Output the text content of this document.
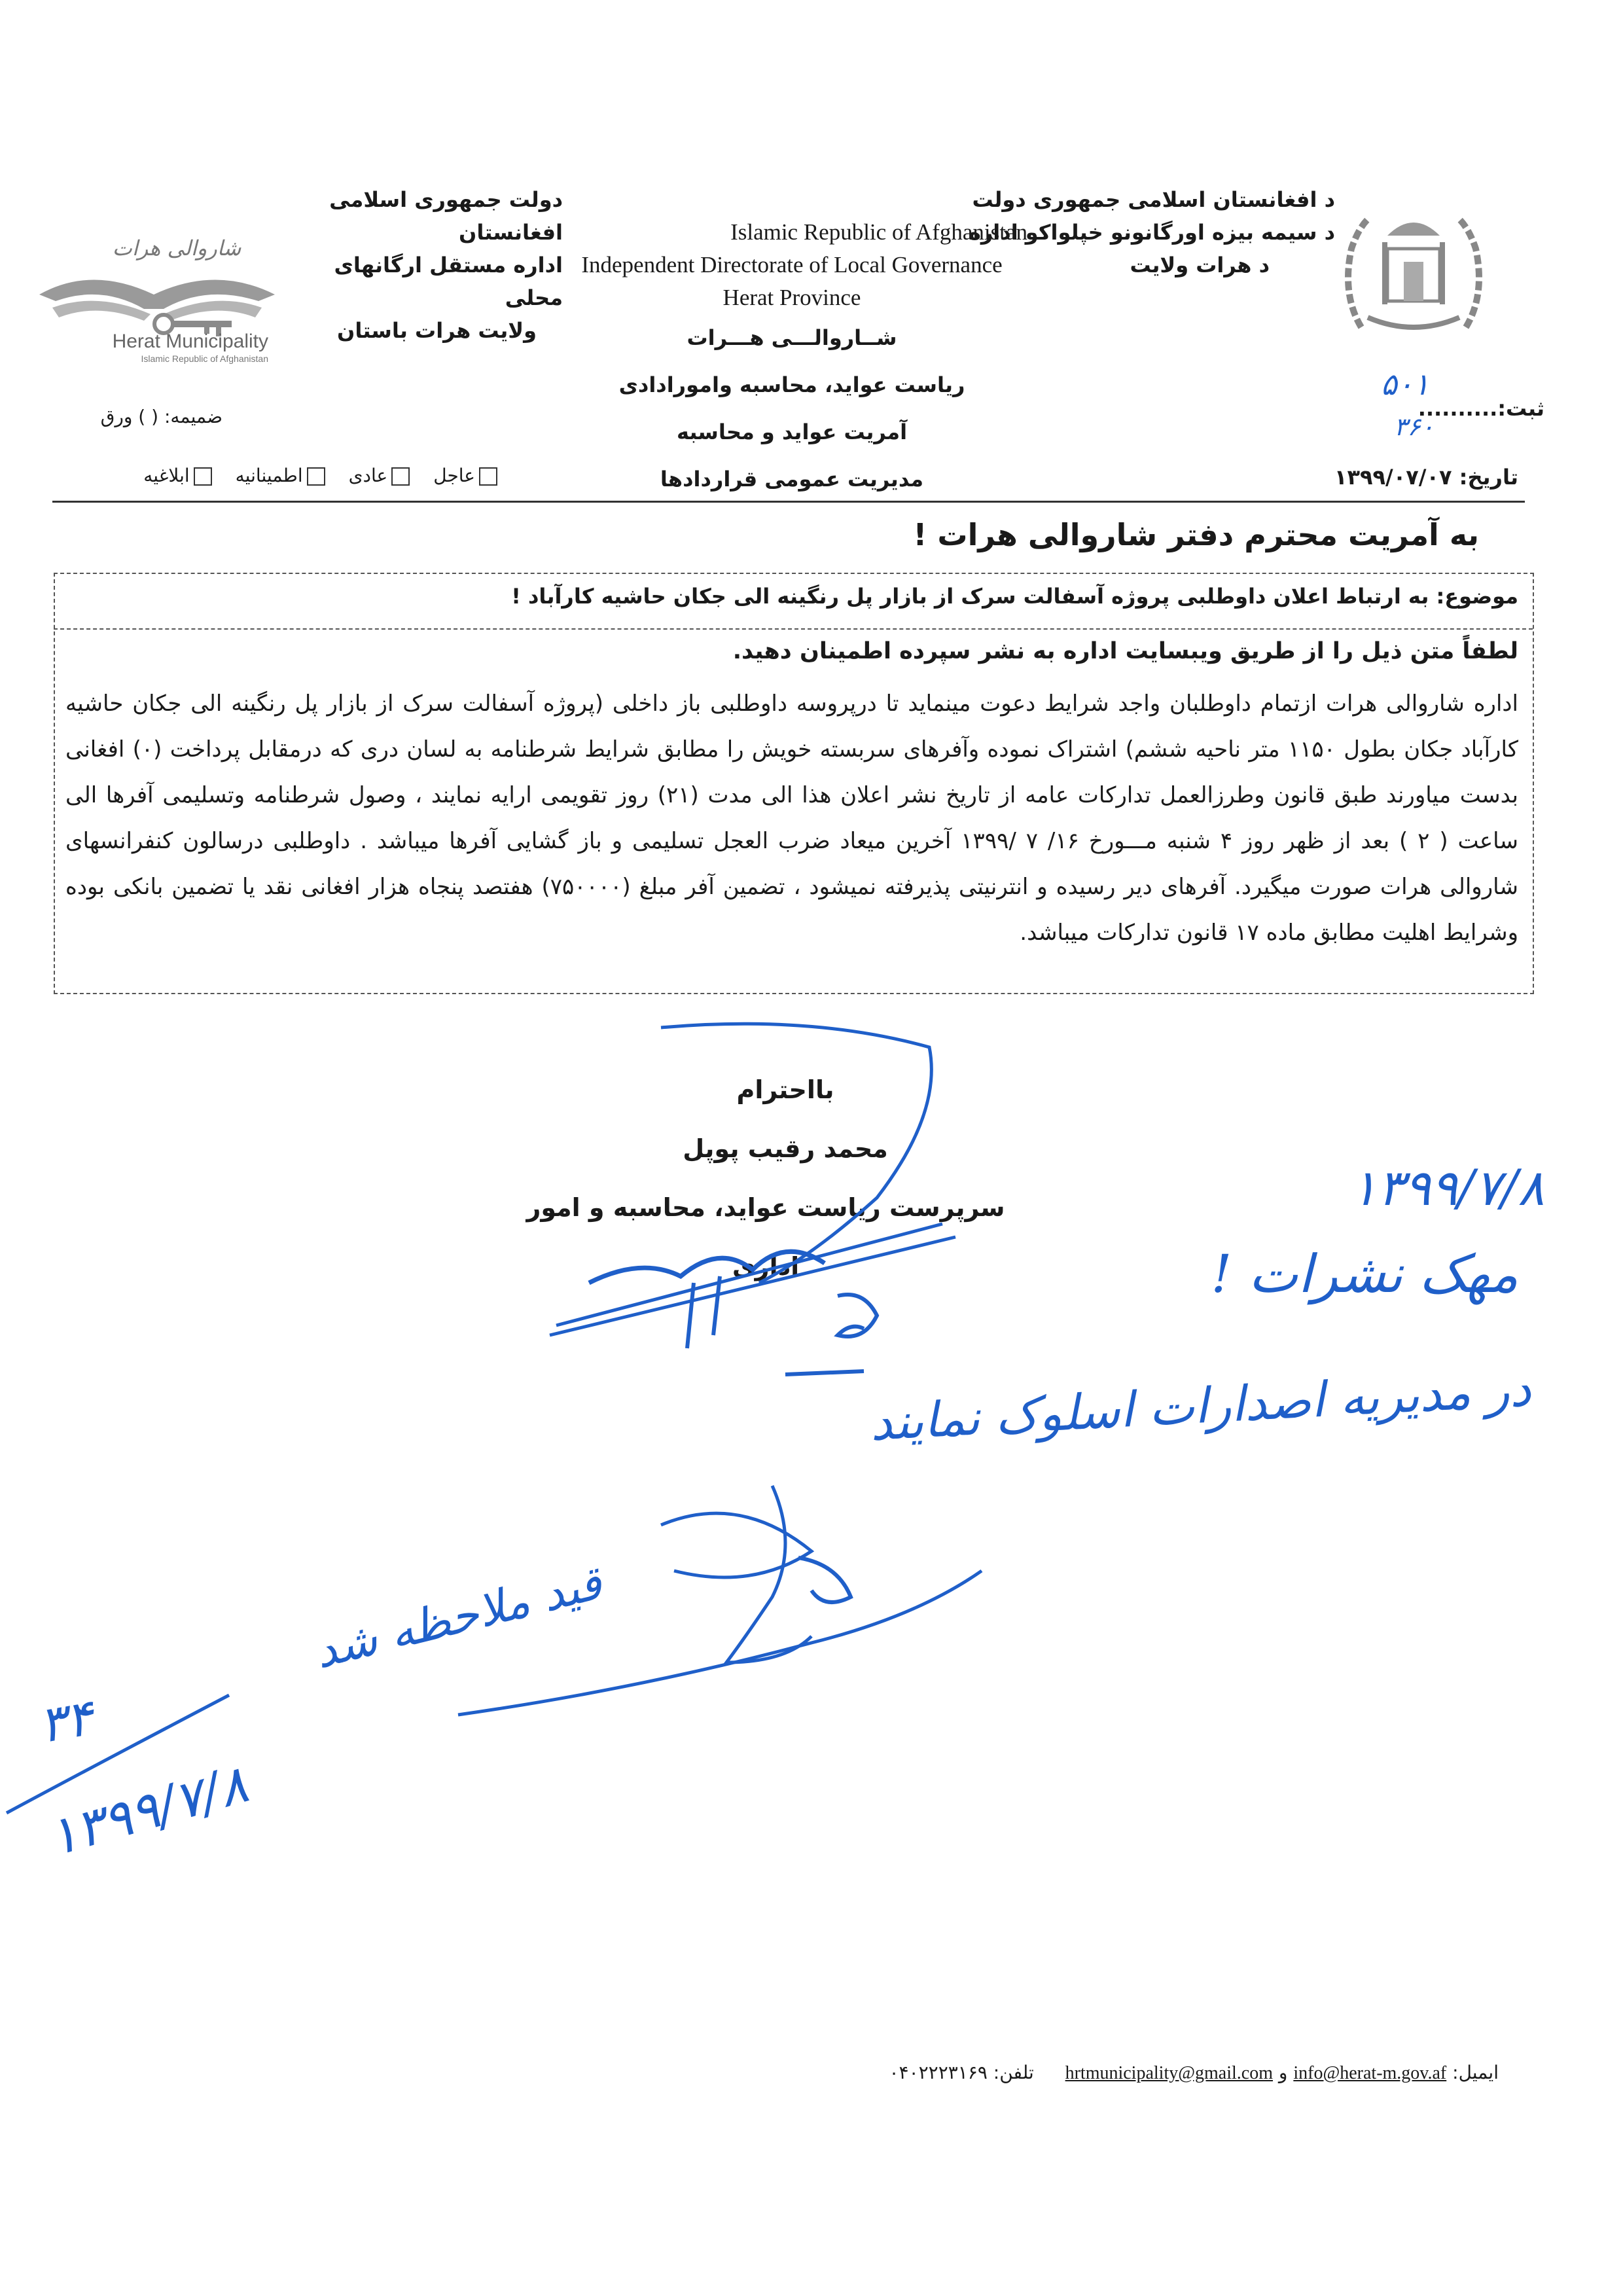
د افغانستان اسلامی جمهوری دولت
د سیمه بیزه اورگانونو خپلواکو اداره
د هرات ولایت
Islamic Republic of Afghanistan
Independent Directorate of Local Governance
Herat Province
دولت جمهوری اسلامی افغانستان
اداره مستقل ارگانهای محلی
ولایت هرات باستان
شاروالی هرات
Herat Municipality
Islamic Republic of Afghanistan
شــاروالـــی هـــرات
ریاست عواید، محاسبه وامورادادی
آمریت عواید و محاسبه
مدیریت عمومی قراردادها
ضمیمه: ( ) ورق	ثبت:..........
۵۰۱
۳۶۰
عاجل
عادی
اطمینانیه
ابلاغیه	تاریخ: ۱۳۹۹/۰۷/۰۷
به آمریت محترم دفتر شاروالی هرات !
موضوع: به ارتباط اعلان داوطلبی پروژه آسفالت سرک از بازار پل رنگینه الی جکان حاشیه کارآباد !
لطفاً متن ذیل را از طریق ویبسایت اداره به نشر سپرده اطمینان دهید.
اداره شاروالی هرات ازتمام داوطلبان واجد شرایط دعوت مینماید تا درپروسه داوطلبی باز داخلی (پروژه آسفالت سرک از بازار پل رنگینه الی جکان حاشیه کارآباد جکان بطول ۱۱۵۰ متر ناحیه ششم) اشتراک نموده وآفرهای سربسته خویش را مطابق شرایط شرطنامه به لسان دری که درمقابل پرداخت (۰) افغانی بدست میاورند طبق قانون وطرزالعمل تدارکات عامه از تاریخ نشر اعلان هذا الی مدت (۲۱) روز تقویمی ارایه نمایند ، وصول شرطنامه وتسلیمی آفرها الی ساعت ( ۲ ) بعد از ظهر روز ۴ شنبه مـــورخ ۱۶/ ۷ /۱۳۹۹ آخرین میعاد ضرب العجل تسلیمی و باز گشایی آفرها میباشد . داوطلبی درسالون کنفرانسهای شاروالی هرات صورت میگیرد. آفرهای دیر رسیده و انترنیتی پذیرفته نمیشود ، تضمین آفر مبلغ (۷۵۰۰۰۰) هفتصد پنجاه هزار افغانی نقد یا تضمین بانکی بوده وشرایط اهلیت مطابق ماده ۱۷ قانون تدارکات میباشد.
بااحترام
محمد رقیب پوپل
سرپرست ریاست عواید، محاسبه و امور اداری
۱۳۹۹/۷/۸
مهک نشرات !
در مدیریه اصدارات اسلوک نمایند
قید ملاحظه شد
۳۴
۱۳۹۹/۷/۸
ایمیل: info@herat-m.gov.af و hrtmunicipality@gmail.com  تلفن: ۰۴۰۲۲۲۳۱۶۹
